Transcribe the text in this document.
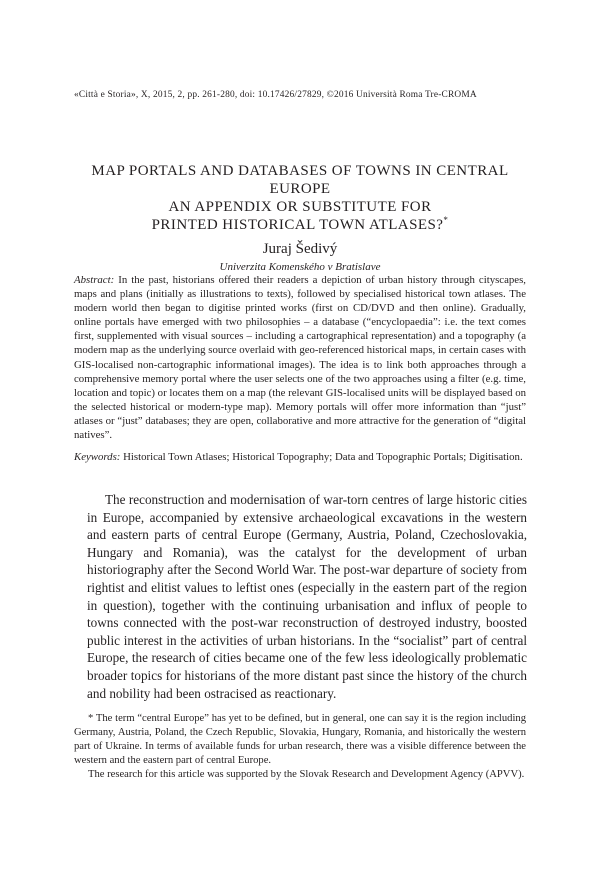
«Città e Storia», X, 2015, 2, pp. 261-280, doi: 10.17426/27829, ©2016 Università Roma Tre-CROMA
MAP PORTALS AND DATABASES OF TOWNS IN CENTRAL EUROPE
AN APPENDIX OR SUBSTITUTE FOR
PRINTED HISTORICAL TOWN ATLASES?*
Juraj Šedivý
Univerzita Komenského v Bratislave

Abstract: In the past, historians offered their readers a depiction of urban history through cityscapes, maps and plans (initially as illustrations to texts), followed by specialised historical town atlases. The modern world then began to digitise printed works (first on CD/DVD and then online). Gradually, online portals have emerged with two philosophies – a database (“encyclopaedia”: i.e. the text comes first, supplemented with visual sources – including a cartographical representation) and a topography (a modern map as the underlying source overlaid with geo-referenced historical maps, in certain cases with GIS-localised non-cartographic informational images). The idea is to link both approaches through a comprehensive memory portal where the user selects one of the two approaches using a filter (e.g. time, location and topic) or locates them on a map (the relevant GIS-localised units will be displayed based on the selected historical or modern-type map). Memory portals will offer more information than “just” atlases or “just” databases; they are open, collaborative and more attractive for the generation of “digital natives”.

Keywords: Historical Town Atlases; Historical Topography; Data and Topographic Portals; Digitisation.

The reconstruction and modernisation of war-torn centres of large historic cities in Europe, accompanied by extensive archaeological excavations in the western and eastern parts of central Europe (Germany, Austria, Poland, Czechoslovakia, Hungary and Romania), was the catalyst for the development of urban historiography after the Second World War. The post-war departure of society from rightist and elitist values to leftist ones (especially in the eastern part of the region in question), together with the continuing urbanisation and influx of people to towns connected with the post-war reconstruction of destroyed industry, boosted public interest in the activities of urban historians. In the “socialist” part of central Europe, the research of cities became one of the few less ideologically problematic broader topics for historians of the more distant past since the history of the church and nobility had been ostracised as reactionary.

* The term “central Europe” has yet to be defined, but in general, one can say it is the region including Germany, Austria, Poland, the Czech Republic, Slovakia, Hungary, Romania, and historically the western part of Ukraine. In terms of available funds for urban research, there was a visible difference between the western and the eastern part of central Europe.

The research for this article was supported by the Slovak Research and Development Agency (APVV).
